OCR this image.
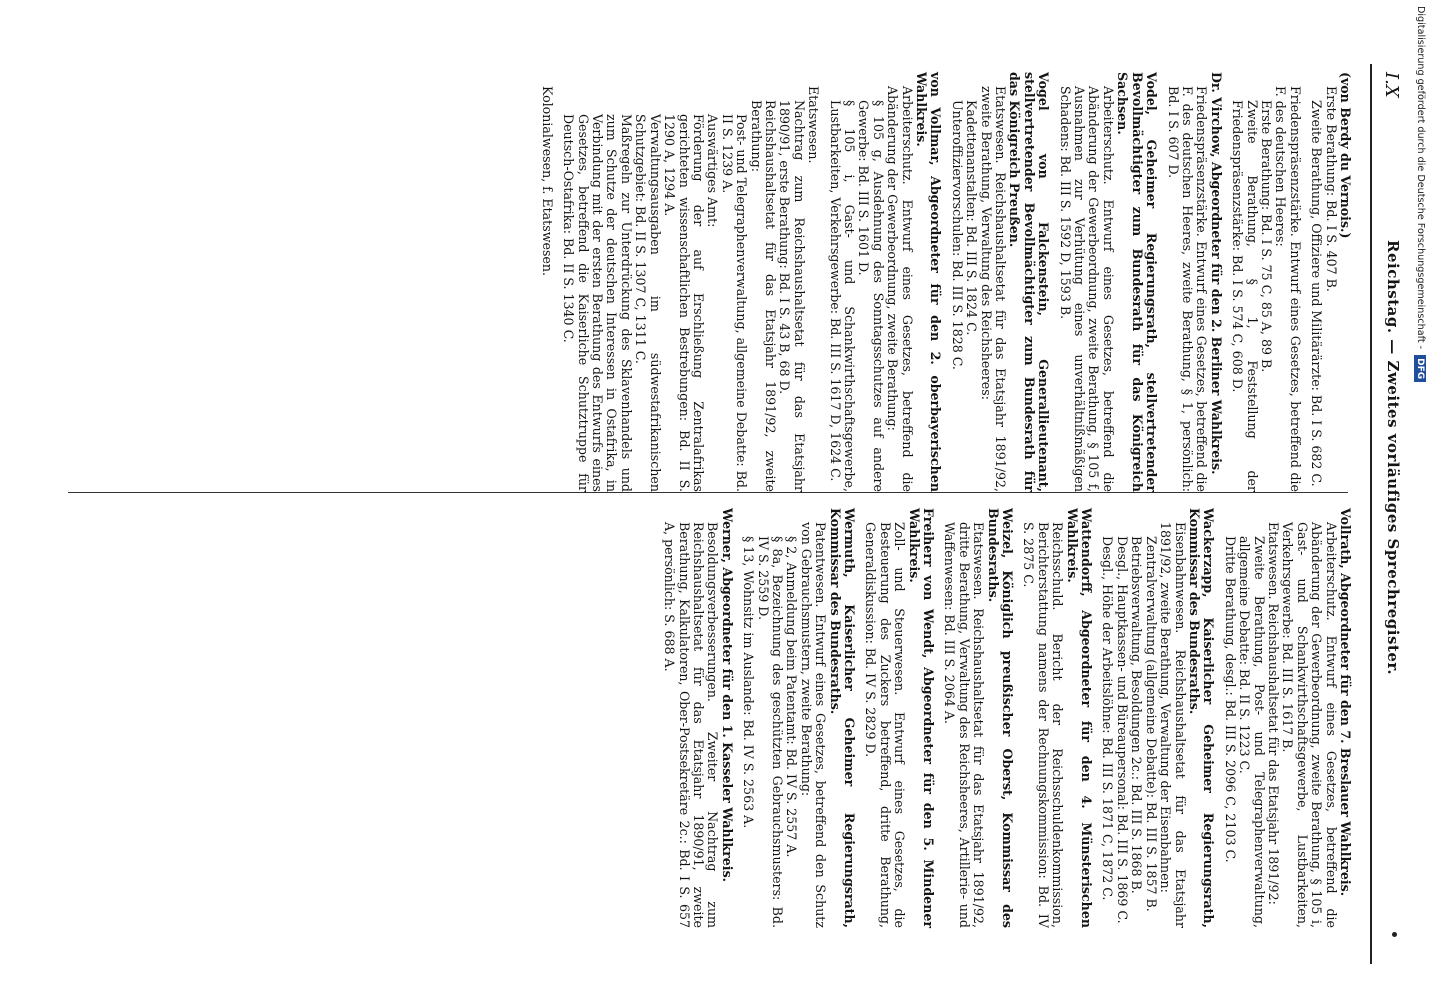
I.X
Reichstag. — Zweites vorläufiges Sprechregister.
(von Berdy du Vernois.)
Erste Berathung: Bd. I S. 407 B.
Zweite Berathung, Offiziere und Militärärzte: Bd. I S. 682 C.
Friedenspräsenzstärke. Entwurf eines Gesetzes, betreffend die F. des deutschen Heeres:
Erste Berathung: Bd. I S. 75 C, 85 A, 89 B.
Zweite Berathung, § 1, Feststellung der Friedenspräsenzstärke: Bd. I S. 574 C, 608 D.
Dr. Virchow, Abgeordneter für den 2. Berliner Wahlkreis.
Friedenspräsenzstärke. Entwurf eines Gesetzes, betreffend die F. des deutschen Heeres, zweite Berathung, § 1, persönlich: Bd. I S. 607 D.
Vodel, Geheimer Regierungsrath, stellvertretender Bevollmächtigter zum Bundesrath für das Königreich Sachsen.
Arbeiterschutz. Entwurf eines Gesetzes, betreffend die Abänderung der Gewerbeordnung, zweite Berathung, § 105 f, Ausnahmen zur Verhütung eines unverhältnißmäßigen Schadens: Bd. III S. 1592 D, 1593 B.
Vogel von Falckenstein, Generallieutenant, stellvertretender Bevollmächtigter zum Bundesrath für das Königreich Preußen.
Etatswesen. Reichshaushaltsetat für das Etatsjahr 1891/92, zweite Berathung, Verwaltung des Reichsheeres:
Kadettenanstalten: Bd. III S. 1824 C.
Unteroffiziervorschulen: Bd. III S. 1828 C.
von Vollmar, Abgeordneter für den 2. oberbayerischen Wahlkreis.
Arbeiterschutz. Entwurf eines Gesetzes, betreffend die Abänderung der Gewerbeordnung, zweite Berathung:
§ 105 g, Ausdehnung des Sonntagsschutzes auf andere Gewerbe: Bd. III S. 1601 D.
§ 105 i, Gast- und Schankwirthschaftsgewerbe, Lustbarkeiten, Verkehrsgewerbe: Bd. III S. 1617 D, 1624 C.
Etatswesen.
Nachtrag zum Reichshaushaltsetat für das Etatsjahr 1890/91, erste Berathung: Bd. I S. 43 B, 68 D.
Reichshaushaltsetat für das Etatsjahr 1891/92, zweite Berathung:
Post- und Telegraphenverwaltung, allgemeine Debatte: Bd. II S. 1239 A.
Auswärtiges Amt:
Förderung der auf Erschließung Zentralafrikas gerichteten wissenschaftlichen Bestrebungen: Bd. II S. 1290 A, 1294 A.
Verwaltungsausgaben im südwestafrikanischen Schutzgebiet: Bd. II S. 1307 C, 1311 C.
Maßregeln zur Unterdrückung des Sklavenhandels und zum Schutze der deutschen Interessen in Ostafrika, in Verbindung mit der ersten Berathung des Entwurfs eines Gesetzes, betreffend die Kaiserliche Schutztruppe für Deutsch-Ostafrika: Bd. II S. 1340 C.
Kolonialwesen, f. Etatswesen.
Vollrath, Abgeordneter für den 7. Breslauer Wahlkreis.
Arbeiterschutz. Entwurf eines Gesetzes, betreffend die Abänderung der Gewerbeordnung, zweite Berathung, § 105 i, Gast- und Schankwirthschaftsgewerbe, Lustbarkeiten, Verkehrsgewerbe: Bd. III S. 1617 B.
Etatswesen. Reichshaushaltsetat für das Etatsjahr 1891/92:
Zweite Berathung, Post- und Telegraphenverwaltung, allgemeine Debatte: Bd. II S. 1223 C.
Dritte Berathung, desgl.: Bd. III S. 2096 C, 2103 C.
Wackerzapp, Kaiserlicher Geheimer Regierungsrath, Kommissar des Bundesraths.
Eisenbahnwesen. Reichshaushaltsetat für das Etatsjahr 1891/92, zweite Berathung, Verwaltung der Eisenbahnen:
Zentralverwaltung (allgemeine Debatte): Bd. III S. 1857 B.
Betriebsverwaltung, Besoldungen 2c.: Bd. III S. 1868 B.
Desgl., Hauptkassen- und Büreaupersonal: Bd. III S. 1869 C.
Desgl., Höhe der Arbeitslöhne: Bd. III S. 1871 C, 1872 C.
Wattendorff, Abgeordneter für den 4. Münsterischen Wahlkreis.
Reichsschuld. Bericht der Reichsschuldenkommission, Berichterstattung namens der Rechnungskommission: Bd. IV S. 2875 C.
Weizel, Königlich preußischer Oberst, Kommissar des Bundesraths.
Etatswesen. Reichshaushaltsetat für das Etatsjahr 1891/92, dritte Berathung, Verwaltung des Reichsheeres, Artillerie- und Waffenwesen: Bd. III S. 2064 A.
Freiherr von Wendt, Abgeordneter für den 5. Mindener Wahlkreis.
Zoll- und Steuerwesen. Entwurf eines Gesetzes, die Besteuerung des Zuckers betreffend, dritte Berathung, Generaldiskussion: Bd. IV S. 2829 D.
Wermuth, Kaiserlicher Geheimer Regierungsrath, Kommissar des Bundesraths.
Patentwesen. Entwurf eines Gesetzes, betreffend den Schutz von Gebrauchsmustern, zweite Berathung:
§ 2, Anmeldung beim Patentamt: Bd. IV S. 2557 A.
§ 8a, Bezeichnung des geschützten Gebrauchsmusters: Bd. IV S. 2559 D.
§ 13, Wohnsitz im Auslande: Bd. IV S. 2563 A.
Werner, Abgeordneter für den 1. Kasseler Wahlkreis.
Besoldungsverbesserungen. Zweiter Nachtrag zum Reichshaushaltsetat für das Etatsjahr 1890/91, zweite Berathung, Kalkulatoren, Ober-Postsekretäre 2c.: Bd. I S. 657 A, persönlich: S. 688 A.
Digitalisierung gefördert durch die Deutsche Forschungsgemeinschaft -DFG
